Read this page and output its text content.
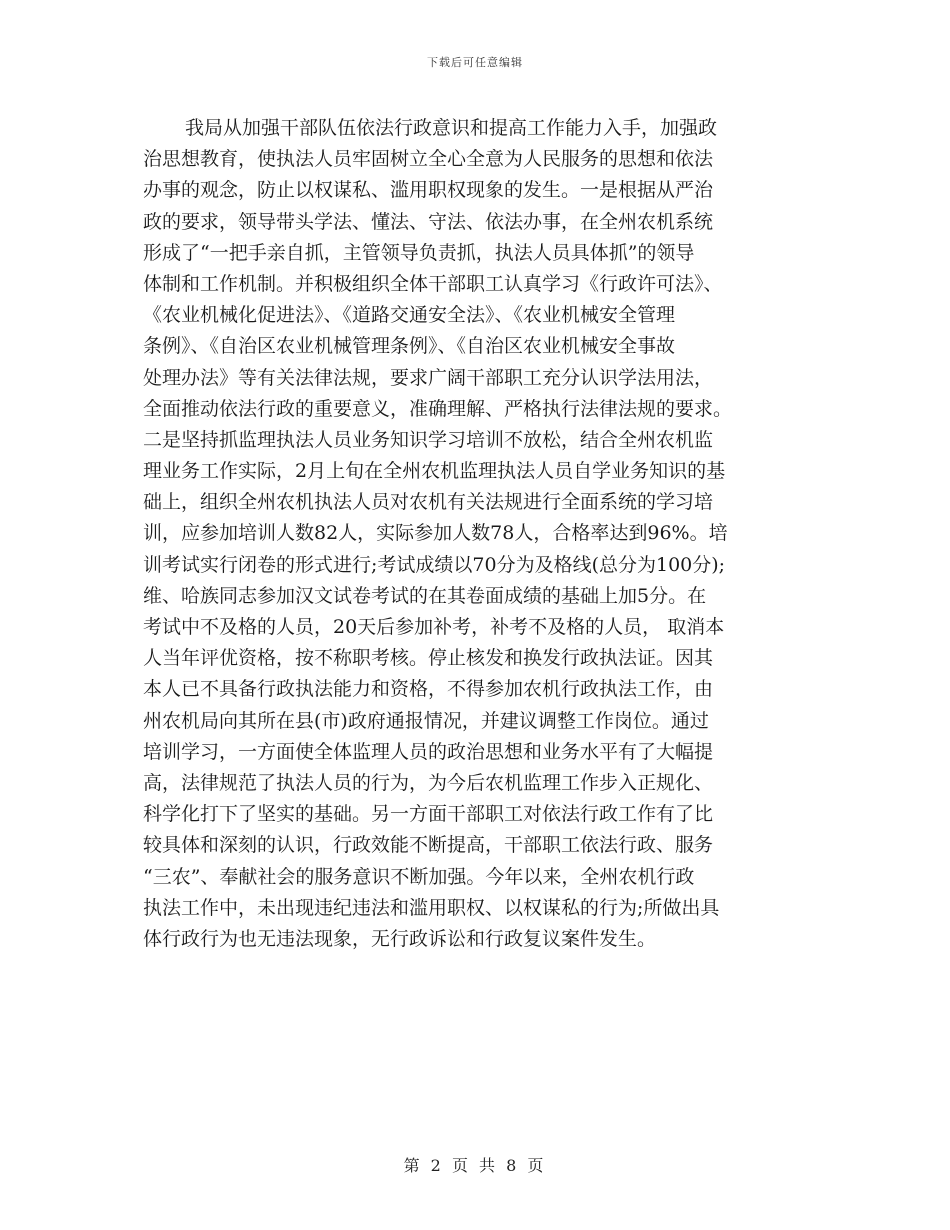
下载后可任意编辑
我局从加强干部队伍依法行政意识和提高工作能力入手，加强政
治思想教育，使执法人员牢固树立全心全意为人民服务的思想和依法
办事的观念，防止以权谋私、滥用职权现象的发生。一是根据从严治
政的要求，领导带头学法、懂法、守法、依法办事，在全州农机系统
形成了“一把手亲自抓，主管领导负责抓，执法人员具体抓”的领导
体制和工作机制。并积极组织全体干部职工认真学习《行政许可法》、
《农业机械化促进法》、《道路交通安全法》、《农业机械安全管理
条例》、《自治区农业机械管理条例》、《自治区农业机械安全事故
处理办法》等有关法律法规，要求广阔干部职工充分认识学法用法，
全面推动依法行政的重要意义，准确理解、严格执行法律法规的要求。
二是坚持抓监理执法人员业务知识学习培训不放松，结合全州农机监
理业务工作实际，2月上旬在全州农机监理执法人员自学业务知识的基
础上，组织全州农机执法人员对农机有关法规进行全面系统的学习培
训，应参加培训人数82人，实际参加人数78人，合格率达到96%。培
训考试实行闭卷的形式进行;考试成绩以70分为及格线(总分为100分);
维、哈族同志参加汉文试卷考试的在其卷面成绩的基础上加5分。在
考试中不及格的人员，20天后参加补考，补考不及格的人员， 取消本
人当年评优资格，按不称职考核。停止核发和换发行政执法证。因其
本人已不具备行政执法能力和资格，不得参加农机行政执法工作，由
州农机局向其所在县(市)政府通报情况，并建议调整工作岗位。通过
培训学习，一方面使全体监理人员的政治思想和业务水平有了大幅提
高，法律规范了执法人员的行为，为今后农机监理工作步入正规化、
科学化打下了坚实的基础。另一方面干部职工对依法行政工作有了比
较具体和深刻的认识，行政效能不断提高，干部职工依法行政、服务
“三农”、奉献社会的服务意识不断加强。今年以来，全州农机行政
执法工作中，未出现违纪违法和滥用职权、以权谋私的行为;所做出具
体行政行为也无违法现象，无行政诉讼和行政复议案件发生。
第 2 页 共 8 页
